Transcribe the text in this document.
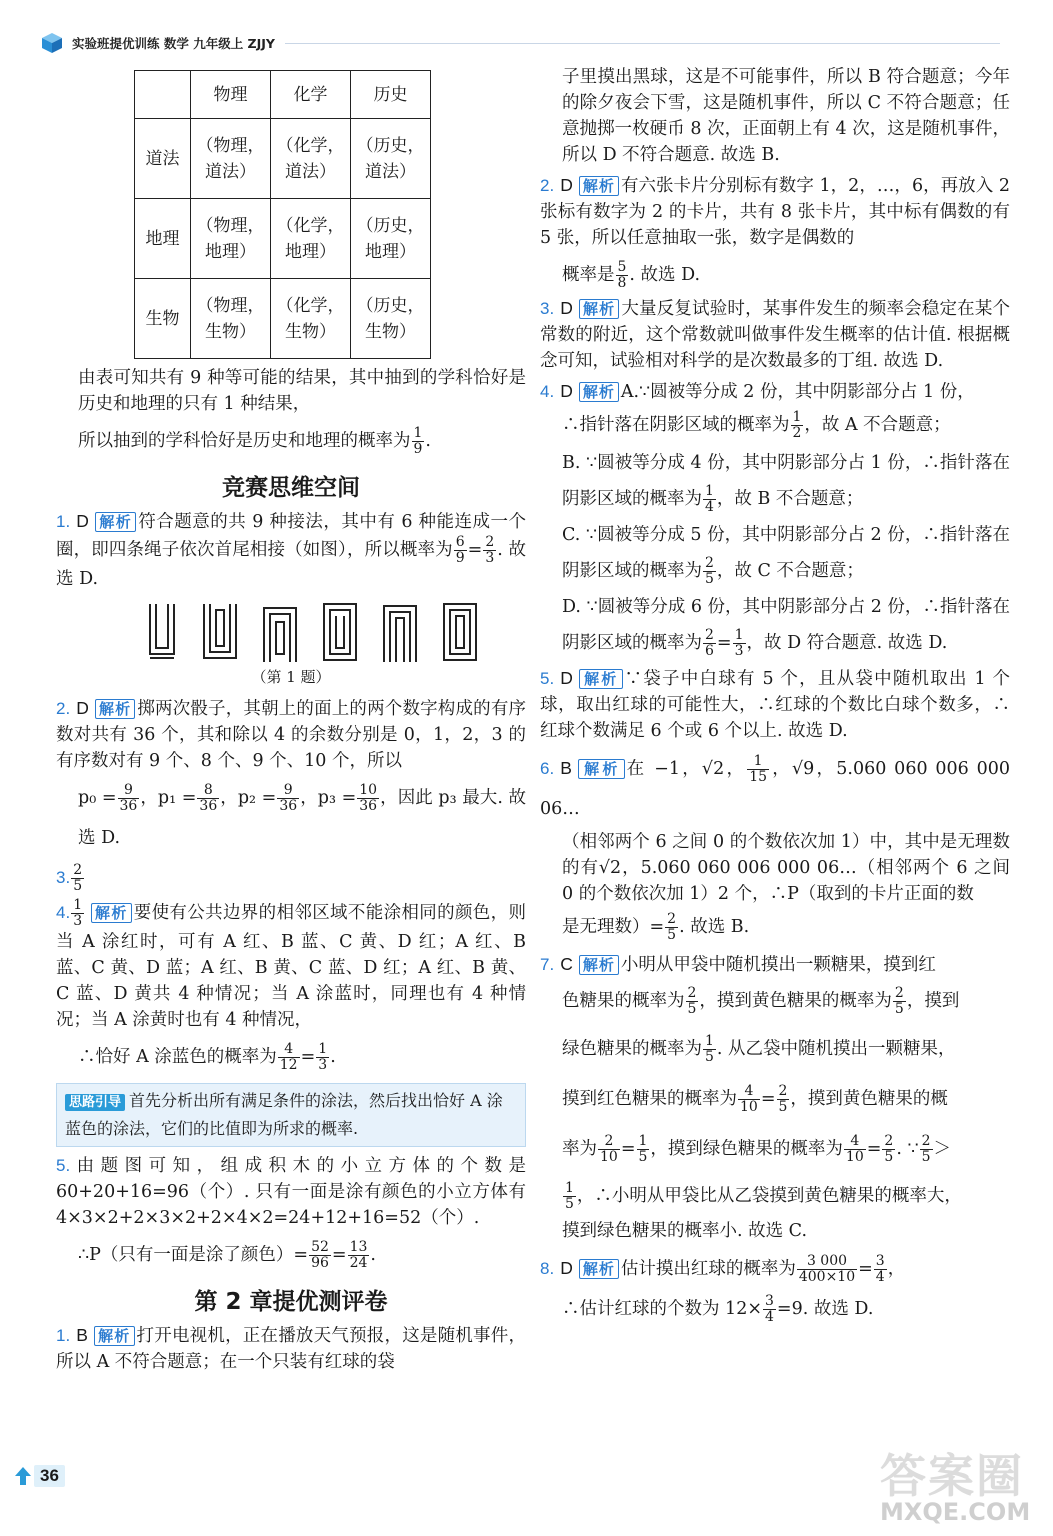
实验班提优训练 数学 九年级上 ZJJY
	物理	化学	历史
道法	（物理，道法）	（化学，道法）	（历史，道法）
地理	（物理，地理）	（化学，地理）	（历史，地理）
生物	（物理，生物）	（化学，生物）	（历史，生物）

由表可知共有 9 种等可能的结果，其中抽到的学科恰好是历史和地理的只有 1 种结果，

所以抽到的学科恰好是历史和地理的概率为 $\frac{1}{9}$ .

竞赛思维空间

1. D 解析 符合题意的共 9 种接法，其中有 6 种能连成一个圈，即四条绳子依次首尾相接（如图），所以概率为 $\frac{6}{9} = \frac{2}{3}$ . 故选 D.

（第 1 题）

2. D 解析 掷两次骰子，其朝上的面上的两个数字构成的有序数对共有 36 个，其和除以 4 的余数分别是 0，1，2，3 的有序数对有 9 个、8 个、9 个、10 个，所以

$p_0 = \frac{9}{36}$ ，$p_1 = \frac{8}{36}$ ，$p_2 = \frac{9}{36}$ ，$p_3 = \frac{10}{36}$ ，因此 p₃ 最大. 故选 D.

3. $\frac{2}{5}$

4. $\frac{1}{3}$ 解析 要使有公共边界的相邻区域不能涂相同的颜色，则当 A 涂红时，可有 A 红、B 蓝、C 黄、D 红；A 红、B 蓝、C 黄、D 蓝；A 红、B 黄、C 蓝、D 红；A 红、B 黄、C 蓝、D 黄共 4 种情况；当 A 涂蓝时，同理也有 4 种情况；当 A 涂黄时也有 4 种情况，

∴恰好 A 涂蓝色的概率为 $\frac{4}{12} = \frac{1}{3}$ .

思路引导 首先分析出所有满足条件的涂法，然后找出恰好 A 涂蓝色的涂法，它们的比值即为所求的概率.

5.由题图可知，组成积木的小立方体的个数是 60+20+16=96（个）. 只有一面是涂有颜色的小立方体有 4×3×2+2×3×2+2×4×2=24+12+16=52（个）.

∴P（只有一面是涂了颜色）= $\frac{52}{96} = \frac{13}{24}$ .

第 2 章提优测评卷

1. B 解析 打开电视机，正在播放天气预报，这是随机事件，所以 A 不符合题意；在一个只装有红球的袋

子里摸出黑球，这是不可能事件，所以 B 符合题意；今年的除夕夜会下雪，这是随机事件，所以 C 不符合题意；任意抛掷一枚硬币 8 次，正面朝上有 4 次，这是随机事件，所以 D 不符合题意. 故选 B.

2. D 解析 有六张卡片分别标有数字 1，2，…，6，再放入 2 张标有数字为 2 的卡片，共有 8 张卡片，其中标有偶数的有 5 张，所以任意抽取一张，数字是偶数的

概率是 $\frac{5}{8}$ . 故选 D.

3. D 解析 大量反复试验时，某事件发生的频率会稳定在某个常数的附近，这个常数就叫做事件发生概率的估计值. 根据概念可知，试验相对科学的是次数最多的丁组. 故选 D.

4. D 解析 A.∵圆被等分成 2 份，其中阴影部分占 1 份，

∴指针落在阴影区域的概率为 $\frac{1}{2}$ ，故 A 不合题意；

B. ∵圆被等分成 4 份，其中阴影部分占 1 份，∴指针落在阴影区域的概率为 $\frac{1}{4}$ ，故 B 不合题意；

C. ∵圆被等分成 5 份，其中阴影部分占 2 份，∴指针落在阴影区域的概率为 $\frac{2}{5}$ ，故 C 不合题意；

D. ∵圆被等分成 6 份，其中阴影部分占 2 份，∴指针落在阴影区域的概率为 $\frac{2}{6} = \frac{1}{3}$ ，故 D 符合题意. 故选 D.

5. D 解析 ∵袋子中白球有 5 个，且从袋中随机取出 1 个球，取出红球的可能性大，∴红球的个数比白球个数多，∴红球个数满足 6 个或 6 个以上. 故选 D.

6. B 解析 在 −1，√2， $\frac{1}{15}$ ，√9，5.060 060 006 000 06…

（相邻两个 6 之间 0 的个数依次加 1）中，其中是无理数的有√2，5.060 060 006 000 06…（相邻两个 6 之间 0 的个数依次加 1）2 个，∴P（取到的卡片正面的数

是无理数）= $\frac{2}{5}$ . 故选 B.

7. C 解析 小明从甲袋中随机摸出一颗糖果，摸到红

色糖果的概率为 $\frac{2}{5}$ ，摸到黄色糖果的概率为 $\frac{2}{5}$ ，摸到

绿色糖果的概率为 $\frac{1}{5}$ . 从乙袋中随机摸出一颗糖果，

摸到红色糖果的概率为 $\frac{4}{10} = \frac{2}{5}$ ，摸到黄色糖果的概

率为 $\frac{2}{10} = \frac{1}{5}$ ，摸到绿色糖果的概率为 $\frac{4}{10} = \frac{2}{5}$ . ∵ $\frac{2}{5}$ ＞

$\frac{1}{5}$ ，∴小明从甲袋比从乙袋摸到黄色糖果的概率大，

摸到绿色糖果的概率小. 故选 C.

8. D 解析 估计摸出红球的概率为 $\frac{3 000}{400\times 10} = \frac{3}{4}$ ，

∴估计红球的个数为 $12\times \frac{3}{4} =9$. 故选 D.

36	答案圈
MXQE.COM
